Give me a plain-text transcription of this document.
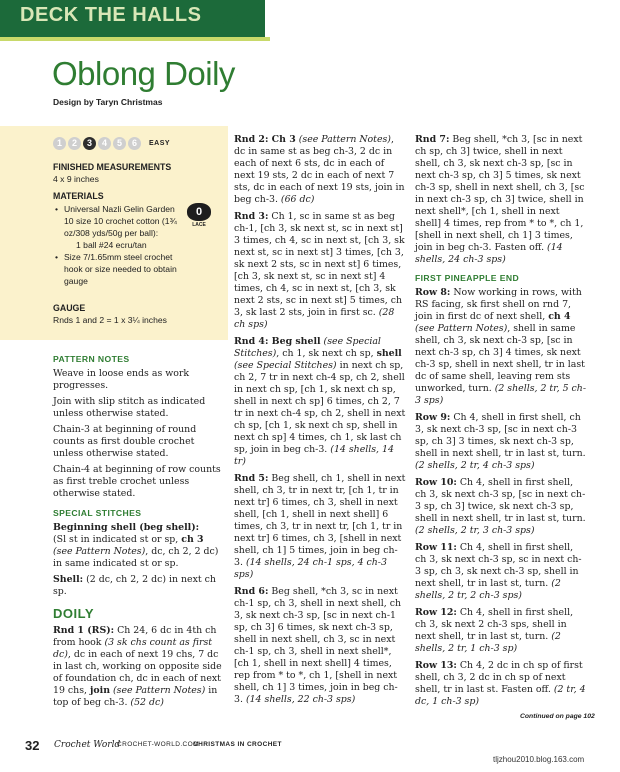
DECK THE HALLS
Oblong Doily
Design by Taryn Christmas
1	2	3	4	5	6	EASY
FINISHED MEASUREMENTS
4 x 9 inches
MATERIALS
• Universal Nazli Gelin Garden 10 size 10 crochet cotton (1¾ oz/308 yds/50g per ball):
1 ball #24 ecru/tan
• Size 7/1.65mm steel crochet hook or size needed to obtain gauge
0
LACE
GAUGE
Rnds 1 and 2 = 1 x 3¼ inches
PATTERN NOTES

Weave in loose ends as work progresses.

Join with slip stitch as indicated unless otherwise stated.

Chain-3 at beginning of round counts as first double crochet unless otherwise stated.

Chain-4 at beginning of row counts as first treble crochet unless otherwise stated.

SPECIAL STITCHES

Beginning shell (beg shell):
(Sl st in indicated st or sp, ch 3 (see Pattern Notes), dc, ch 2, 2 dc) in same indicated st or sp.

Shell: (2 dc, ch 2, 2 dc) in next ch sp.

DOILY

Rnd 1 (RS): Ch 24, 6 dc in 4th ch from hook (3 sk chs count as first dc), dc in each of next 19 chs, 7 dc in last ch, working on opposite side of foundation ch, dc in each of next 19 chs, join (see Pattern Notes) in top of beg ch-3. (52 dc)

Rnd 2: Ch 3 (see Pattern Notes), dc in same st as beg ch-3, 2 dc in each of next 6 sts, dc in each of next 19 sts, 2 dc in each of next 7 sts, dc in each of next 19 sts, join in beg ch-3. (66 dc)

Rnd 3: Ch 1, sc in same st as beg ch-1, [ch 3, sk next st, sc in next st] 3 times, ch 4, sc in next st, [ch 3, sk next st, sc in next st] 3 times, [ch 3, sk next 2 sts, sc in next st] 6 times, [ch 3, sk next st, sc in next st] 4 times, ch 4, sc in next st, [ch 3, sk next 2 sts, sc in next st] 5 times, ch 3, sk last 2 sts, join in first sc. (28 ch sps)

Rnd 4: Beg shell (see Special Stitches), ch 1, sk next ch sp, shell (see Special Stitches) in next ch sp, ch 2, 7 tr in next ch-4 sp, ch 2, shell in next ch sp, [ch 1, sk next ch sp, shell in next ch sp] 6 times, ch 2, 7 tr in next ch-4 sp, ch 2, shell in next ch sp, [ch 1, sk next ch sp, shell in next ch sp] 4 times, ch 1, sk last ch sp, join in beg ch-3. (14 shells, 14 tr)

Rnd 5: Beg shell, ch 1, shell in next shell, ch 3, tr in next tr, [ch 1, tr in next tr] 6 times, ch 3, shell in next shell, [ch 1, shell in next shell] 6 times, ch 3, tr in next tr, [ch 1, tr in next tr] 6 times, ch 3, [shell in next shell, ch 1] 5 times, join in beg ch-3. (14 shells, 24 ch-1 sps, 4 ch-3 sps)

Rnd 6: Beg shell, *ch 3, sc in next ch-1 sp, ch 3, shell in next shell, ch 3, sk next ch-3 sp, [sc in next ch-1 sp, ch 3] 6 times, sk next ch-3 sp, shell in next shell, ch 3, sc in next ch-1 sp, ch 3, shell in next shell*, [ch 1, shell in next shell] 4 times, rep from * to *, ch 1, [shell in next shell, ch 1] 3 times, join in beg ch-3. (14 shells, 22 ch-3 sps)

Rnd 7: Beg shell, *ch 3, [sc in next ch sp, ch 3] twice, shell in next shell, ch 3, sk next ch-3 sp, [sc in next ch-3 sp, ch 3] 5 times, sk next ch-3 sp, shell in next shell, ch 3, [sc in next ch-3 sp, ch 3] twice, shell in next shell*, [ch 1, shell in next shell] 4 times, rep from * to *, ch 1, [shell in next shell, ch 1] 3 times, join in beg ch-3. Fasten off. (14 shells, 24 ch-3 sps)

FIRST PINEAPPLE END

Row 8: Now working in rows, with RS facing, sk first shell on rnd 7, join in first dc of next shell, ch 4 (see Pattern Notes), shell in same shell, ch 3, sk next ch-3 sp, [sc in next ch-3 sp, ch 3] 4 times, sk next ch-3 sp, shell in next shell, tr in last dc of same shell, leaving rem sts unworked, turn. (2 shells, 2 tr, 5 ch-3 sps)

Row 9: Ch 4, shell in first shell, ch 3, sk next ch-3 sp, [sc in next ch-3 sp, ch 3] 3 times, sk next ch-3 sp, shell in next shell, tr in last st, turn. (2 shells, 2 tr, 4 ch-3 sps)

Row 10: Ch 4, shell in first shell, ch 3, sk next ch-3 sp, [sc in next ch-3 sp, ch 3] twice, sk next ch-3 sp, shell in next shell, tr in last st, turn. (2 shells, 2 tr, 3 ch-3 sps)

Row 11: Ch 4, shell in first shell, ch 3, sk next ch-3 sp, sc in next ch-3 sp, ch 3, sk next ch-3 sp, shell in next shell, tr in last st, turn. (2 shells, 2 tr, 2 ch-3 sps)

Row 12: Ch 4, shell in first shell, ch 3, sk next 2 ch-3 sps, shell in next shell, tr in last st, turn. (2 shells, 2 tr, 1 ch-3 sp)

Row 13: Ch 4, 2 dc in ch sp of first shell, ch 3, 2 dc in ch sp of next shell, tr in last st. Fasten off. (2 tr, 4 dc, 1 ch-3 sp)

Continued on page 102
32 Crochet World
CROCHET-WORLD.COM
CHRISTMAS IN CROCHET
tljzhou2010.blog.163.com
